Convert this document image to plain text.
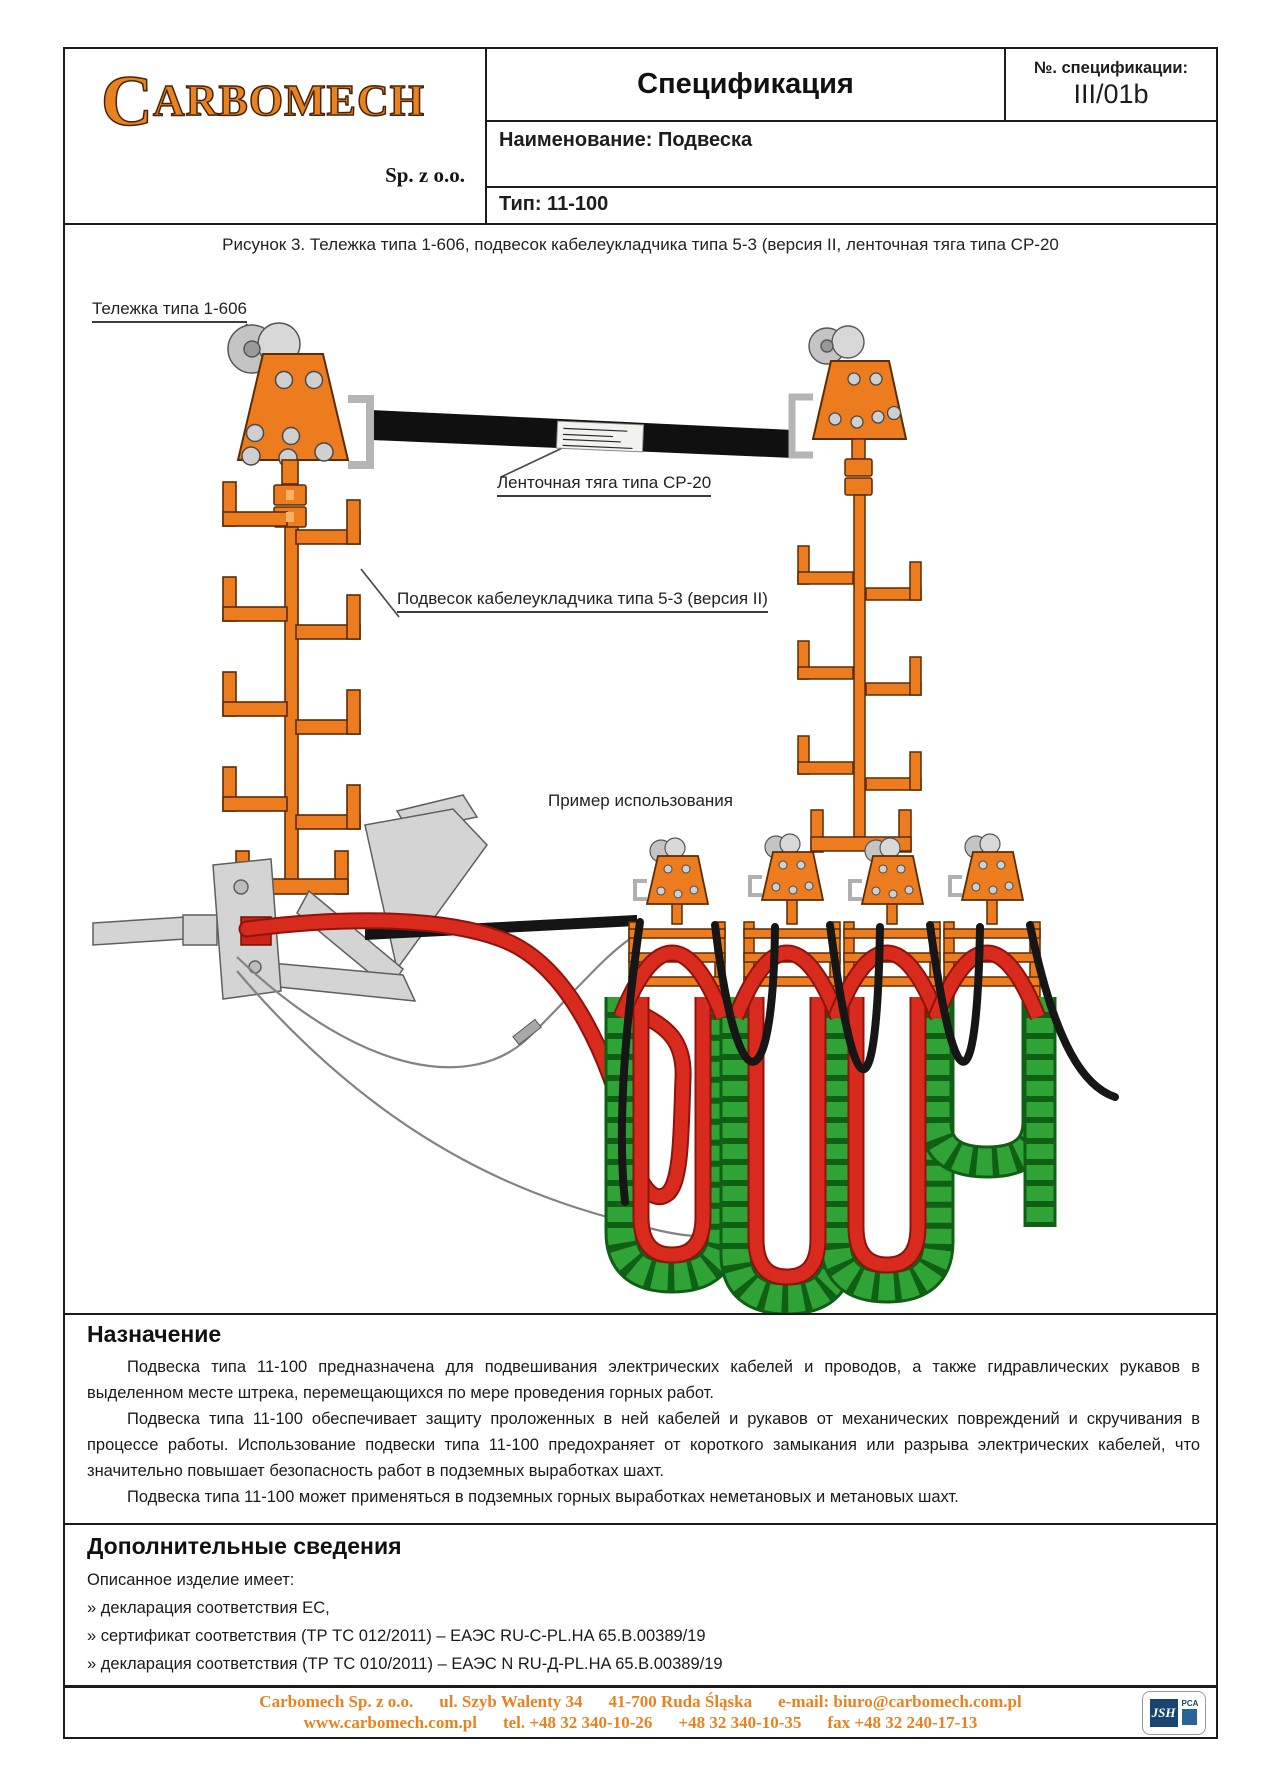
CARBOMECH
Sp. z o.o.
Спецификация	№. спецификации:
III/01b
Наименование: Подвеска
Тип: 11-100
Рисунок 3. Тележка типа 1-606, подвесок кабелеукладчика типа 5-3 (версия II, ленточная тяга типа СР-20
Тележка типа 1-606
Ленточная тяга типа СР-20
Подвесок кабелеукладчика типа 5-3 (версия II)
Пример использования
Назначение

Подвеска типа 11-100 предназначена для подвешивания электрических кабелей и проводов, а также гидравлических рукавов в выделенном месте штрека, перемещающихся по мере проведения горных работ.

Подвеска типа 11-100 обеспечивает защиту проложенных в ней кабелей и рукавов от механических повреждений и скручивания в процессе работы. Использование подвески типа 11-100 предохраняет от короткого замыкания или разрыва электрических кабелей, что значительно повышает безопасность работ в подземных выработках шахт.

Подвеска типа 11-100 может применяться в подземных горных выработках неметановых и метановых шахт.

Дополнительные сведения
Описанное изделие имеет:
» декларация соответствия ЕС,
» сертификат соответствия (ТР ТС 012/2011) – ЕАЭС RU-C-PL.HA 65.В.00389/19
» декларация соответствия (ТР ТС 010/2011) – ЕАЭС N RU-Д-PL.HA 65.В.00389/19
Carbomech Sp. z o.o. ul. Szyb Walenty 34 41-700 Ruda Śląska e-mail: biuro@carbomech.com.pl
www.carbomech.com.pl tel. +48 32 340-10-26 +48 32 340-10-35 fax +48 32 240-17-13
JSH
PCA
